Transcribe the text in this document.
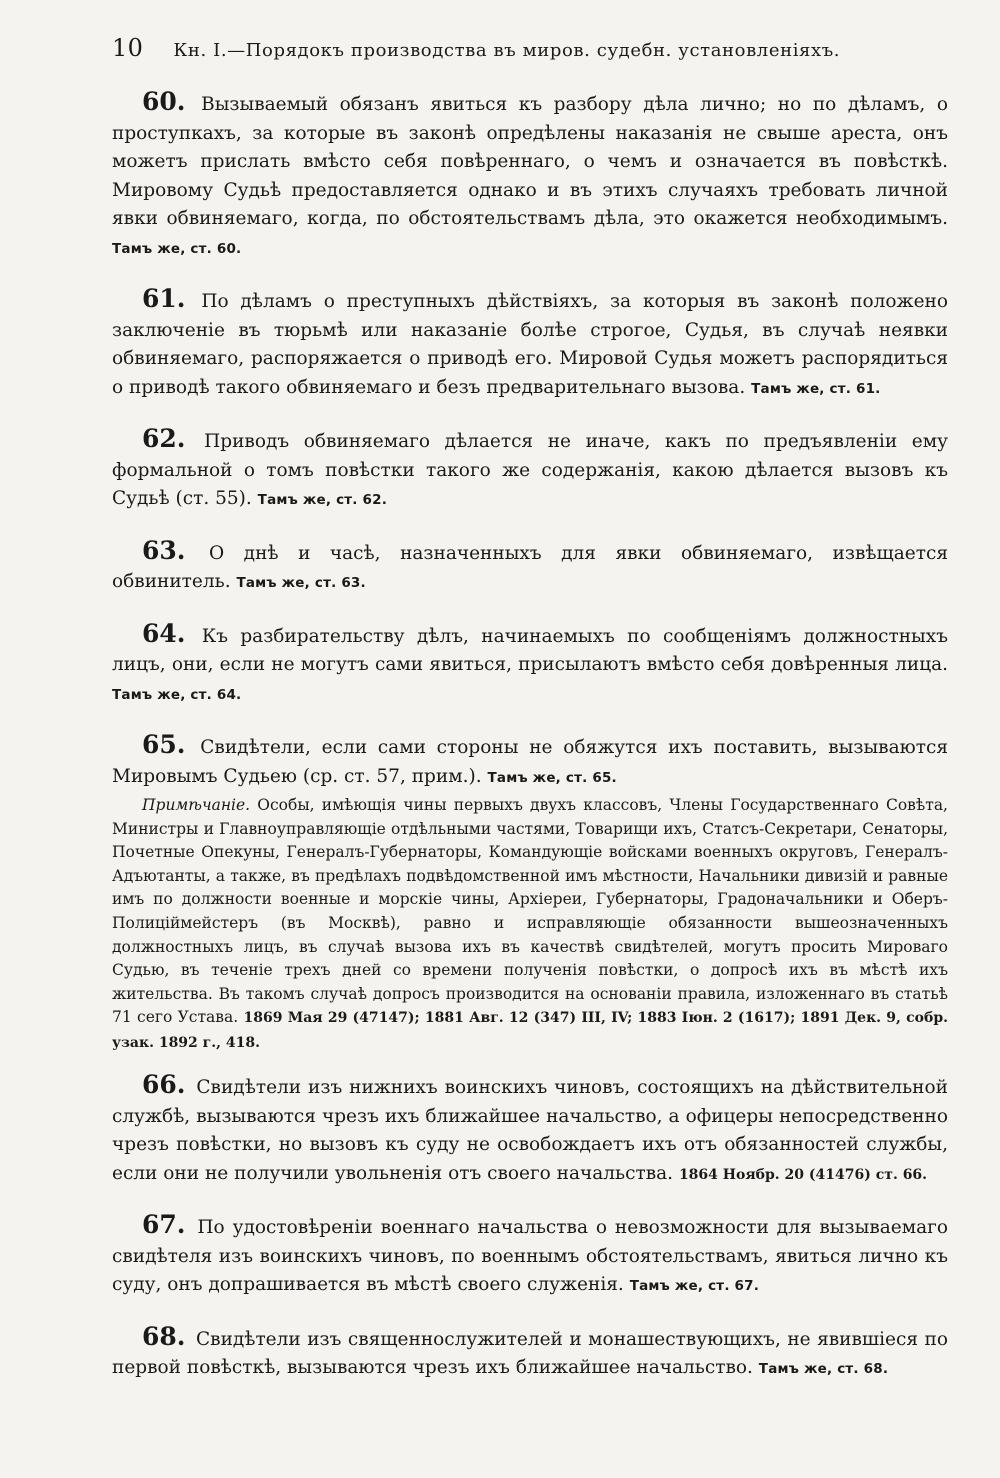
10 Кн. I.—Порядокъ производства въ миров. судебн. установленіяхъ.

60. Вызываемый обязанъ явиться къ разбору дѣла лично; но по дѣламъ, о проступкахъ, за которые въ законѣ опредѣлены наказанія не свыше ареста, онъ можетъ прислать вмѣсто себя повѣреннаго, о чемъ и означается въ повѣсткѣ. Мировому Судьѣ предоставляется однако и въ этихъ случаяхъ требовать личной явки обвиняемаго, когда, по обстоятельствамъ дѣла, это окажется необходимымъ. Тамъ же, ст. 60.

61. По дѣламъ о преступныхъ дѣйствіяхъ, за которыя въ законѣ положено заключеніе въ тюрьмѣ или наказаніе болѣе строгое, Судья, въ случаѣ неявки обвиняемаго, распоряжается о приводѣ его. Мировой Судья можетъ распорядиться о приводѣ такого обвиняемаго и безъ предварительнаго вызова. Тамъ же, ст. 61.

62. Приводъ обвиняемаго дѣлается не иначе, какъ по предъявленіи ему формальной о томъ повѣстки такого же содержанія, какою дѣлается вызовъ къ Судьѣ (ст. 55). Тамъ же, ст. 62.

63. О днѣ и часѣ, назначенныхъ для явки обвиняемаго, извѣщается обвинитель. Тамъ же, ст. 63.

64. Къ разбирательству дѣлъ, начинаемыхъ по сообщеніямъ должностныхъ лицъ, они, если не могутъ сами явиться, присылаютъ вмѣсто себя довѣренныя лица. Тамъ же, ст. 64.

65. Свидѣтели, если сами стороны не обяжутся ихъ поставить, вызываются Мировымъ Судьею (ср. ст. 57, прим.). Тамъ же, ст. 65.

Примѣчаніе. Особы, имѣющія чины первыхъ двухъ классовъ, Члены Государственнаго Совѣта, Министры и Главноуправляющіе отдѣльными частями, Товарищи ихъ, Статсъ-Секретари, Сенаторы, Почетные Опекуны, Генералъ-Губернаторы, Командующіе войсками военныхъ округовъ, Генералъ-Адъютанты, а также, въ предѣлахъ подвѣдомственной имъ мѣстности, Начальники дивизій и равные имъ по должности военные и морскіе чины, Архіереи, Губернаторы, Градоначальники и Оберъ-Полиціймейстеръ (въ Москвѣ), равно и исправляющіе обязанности вышеозначенныхъ должностныхъ лицъ, въ случаѣ вызова ихъ въ качествѣ свидѣтелей, могутъ просить Мироваго Судью, въ теченіе трехъ дней со времени полученія повѣстки, о допросѣ ихъ въ мѣстѣ ихъ жительства. Въ такомъ случаѣ допросъ производится на основаніи правила, изложеннаго въ статьѣ 71 сего Устава. 1869 Мая 29 (47147); 1881 Авг. 12 (347) III, IV; 1883 Іюн. 2 (1617); 1891 Дек. 9, собр. узак. 1892 г., 418.

66. Свидѣтели изъ нижнихъ воинскихъ чиновъ, состоящихъ на дѣйствительной службѣ, вызываются чрезъ ихъ ближайшее начальство, а офицеры непосредственно чрезъ повѣстки, но вызовъ къ суду не освобождаетъ ихъ отъ обязанностей службы, если они не получили увольненія отъ своего начальства. 1864 Ноябр. 20 (41476) ст. 66.

67. По удостовѣреніи военнаго начальства о невозможности для вызываемаго свидѣтеля изъ воинскихъ чиновъ, по военнымъ обстоятельствамъ, явиться лично къ суду, онъ допрашивается въ мѣстѣ своего служенія. Тамъ же, ст. 67.

68. Свидѣтели изъ священнослужителей и монашествующихъ, не явившіеся по первой повѣсткѣ, вызываются чрезъ ихъ ближайшее начальство. Тамъ же, ст. 68.
